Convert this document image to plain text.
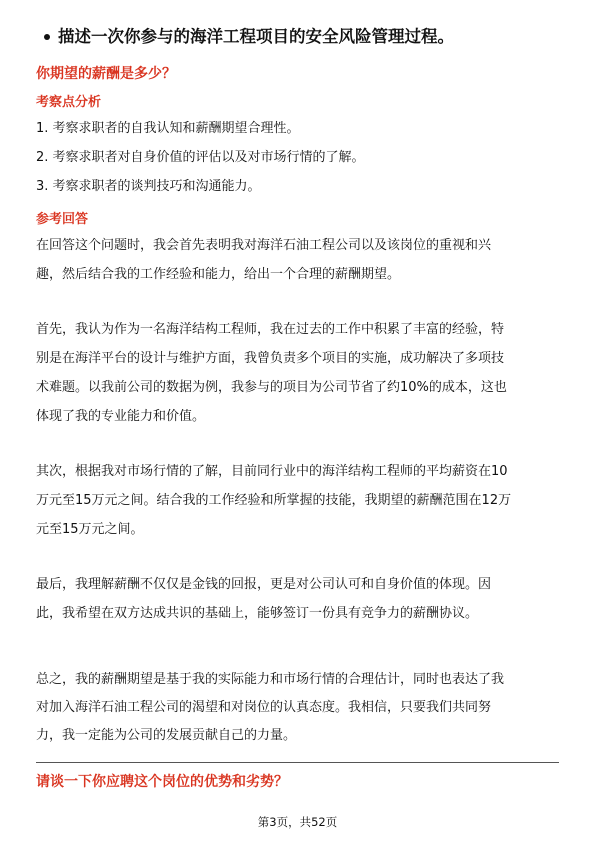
描述一次你参与的海洋工程项目的安全风险管理过程。
你期望的薪酬是多少？
考察点分析
1. 考察求职者的自我认知和薪酬期望合理性。
2. 考察求职者对自身价值的评估以及对市场行情的了解。
3. 考察求职者的谈判技巧和沟通能力。
参考回答
在回答这个问题时，我会首先表明我对海洋石油工程公司以及该岗位的重视和兴
趣，然后结合我的工作经验和能力，给出一个合理的薪酬期望。
首先，我认为作为一名海洋结构工程师，我在过去的工作中积累了丰富的经验，特
别是在海洋平台的设计与维护方面，我曾负责多个项目的实施，成功解决了多项技
术难题。以我前公司的数据为例，我参与的项目为公司节省了约10%的成本，这也
体现了我的专业能力和价值。
其次，根据我对市场行情的了解，目前同行业中的海洋结构工程师的平均薪资在10
万元至15万元之间。结合我的工作经验和所掌握的技能，我期望的薪酬范围在12万
元至15万元之间。
最后，我理解薪酬不仅仅是金钱的回报，更是对公司认可和自身价值的体现。因
此，我希望在双方达成共识的基础上，能够签订一份具有竞争力的薪酬协议。
总之，我的薪酬期望是基于我的实际能力和市场行情的合理估计，同时也表达了我
对加入海洋石油工程公司的渴望和对岗位的认真态度。我相信，只要我们共同努
力，我一定能为公司的发展贡献自己的力量。
请谈一下你应聘这个岗位的优势和劣势？
第3页，共52页
